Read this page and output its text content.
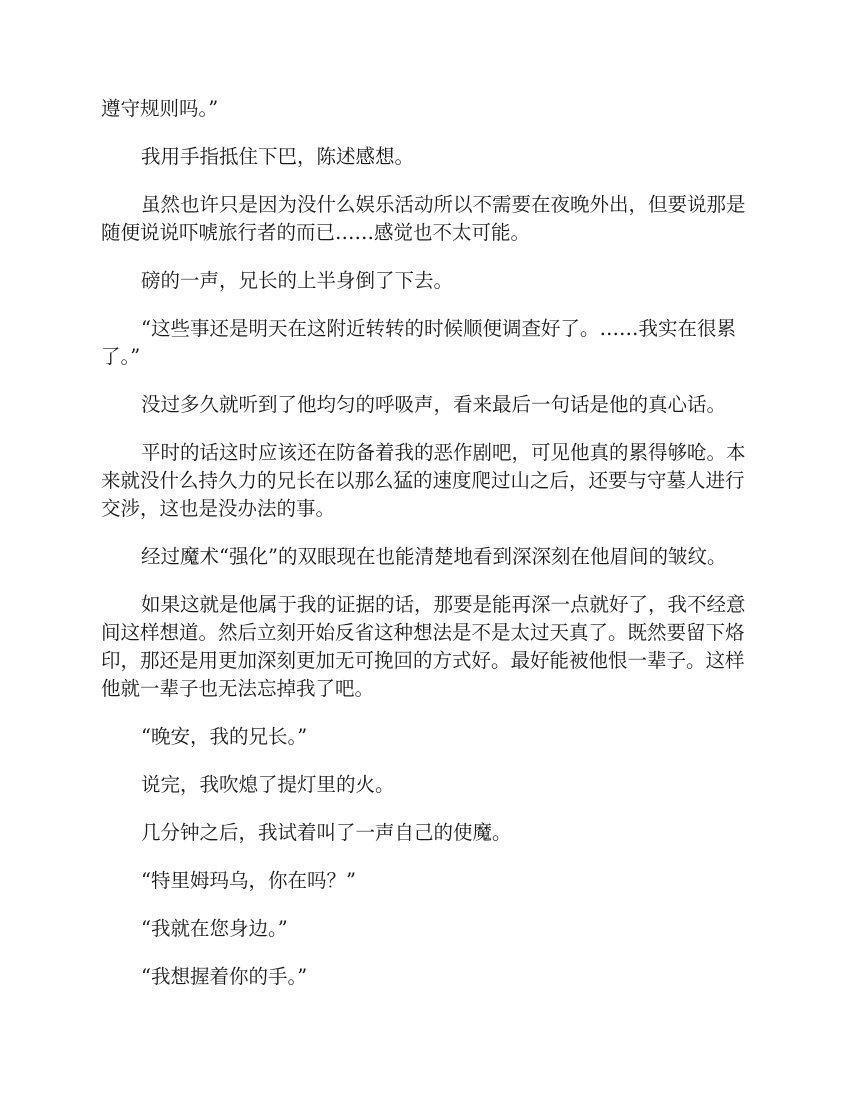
遵守规则吗。”

我用手指抵住下巴，陈述感想。

虽然也许只是因为没什么娱乐活动所以不需要在夜晚外出，但要说那是随便说说吓唬旅行者的而已……感觉也不太可能。

磅的一声，兄长的上半身倒了下去。

“这些事还是明天在这附近转转的时候顺便调查好了。……我实在很累了。”

没过多久就听到了他均匀的呼吸声，看来最后一句话是他的真心话。

平时的话这时应该还在防备着我的恶作剧吧，可见他真的累得够呛。本来就没什么持久力的兄长在以那么猛的速度爬过山之后，还要与守墓人进行交涉，这也是没办法的事。

经过魔术“强化”的双眼现在也能清楚地看到深深刻在他眉间的皱纹。

如果这就是他属于我的证据的话，那要是能再深一点就好了，我不经意间这样想道。然后立刻开始反省这种想法是不是太过天真了。既然要留下烙印，那还是用更加深刻更加无可挽回的方式好。最好能被他恨一辈子。这样他就一辈子也无法忘掉我了吧。

“晚安，我的兄长。”

说完，我吹熄了提灯里的火。

几分钟之后，我试着叫了一声自己的使魔。

“特里姆玛乌，你在吗？”

“我就在您身边。”

“我想握着你的手。”
